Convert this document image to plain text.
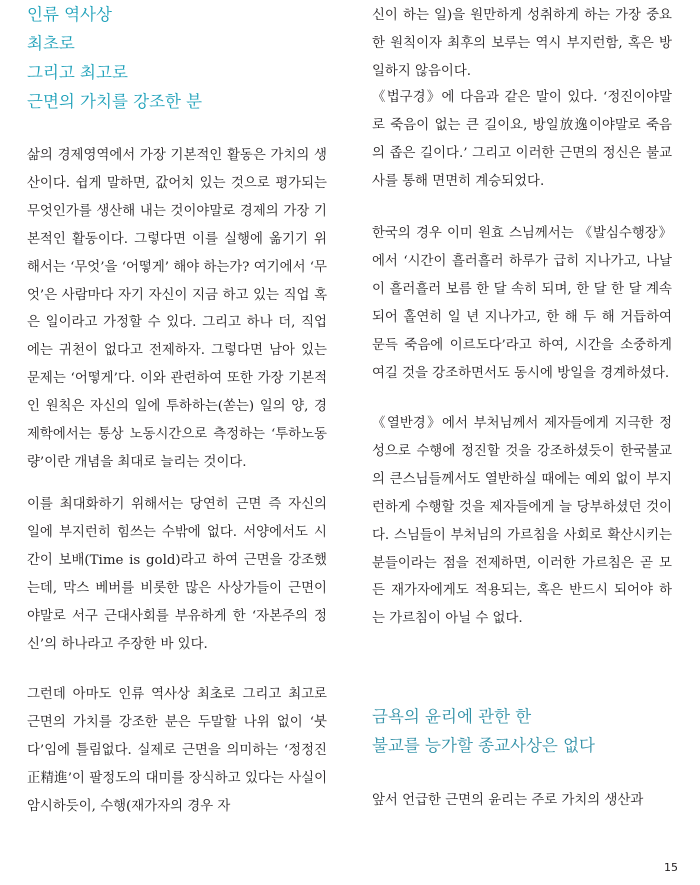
인류 역사상
최초로
그리고 최고로
근면의 가치를 강조한 분

삶의 경제영역에서 가장 기본적인 활동은 가치의 생산이다. 쉽게 말하면, 값어치 있는 것으로 평가되는 무엇인가를 생산해 내는 것이야말로 경제의 가장 기본적인 활동이다. 그렇다면 이를 실행에 옮기기 위해서는 ‘무엇’을 ‘어떻게’ 해야 하는가? 여기에서 ‘무엇’은 사람마다 자기 자신이 지금 하고 있는 직업 혹은 일이라고 가정할 수 있다. 그리고 하나 더, 직업에는 귀천이 없다고 전제하자. 그렇다면 남아 있는 문제는 ‘어떻게’다. 이와 관련하여 또한 가장 기본적인 원칙은 자신의 일에 투하하는(쏟는) 일의 양, 경제학에서는 통상 노동시간으로 측정하는 ‘투하노동량’이란 개념을 최대로 늘리는 것이다.

이를 최대화하기 위해서는 당연히 근면 즉 자신의 일에 부지런히 힘쓰는 수밖에 없다. 서양에서도 시간이 보배(Time is gold)라고 하여 근면을 강조했는데, 막스 베버를 비롯한 많은 사상가들이 근면이야말로 서구 근대사회를 부유하게 한 ‘자본주의 정신’의 하나라고 주장한 바 있다.

그런데 아마도 인류 역사상 최초로 그리고 최고로 근면의 가치를 강조한 분은 두말할 나위 없이 ‘붓다’임에 틀림없다. 실제로 근면을 의미하는 ‘정정진正精進’이 팔정도의 대미를 장식하고 있다는 사실이 암시하듯이, 수행(재가자의 경우 자

신이 하는 일)을 원만하게 성취하게 하는 가장 중요한 원칙이자 최후의 보루는 역시 부지런함, 혹은 방일하지 않음이다.

《법구경》에 다음과 같은 말이 있다. ‘정진이야말로 죽음이 없는 큰 길이요, 방일放逸이야말로 죽음의 좁은 길이다.’ 그리고 이러한 근면의 정신은 불교사를 통해 면면히 계승되었다.

한국의 경우 이미 원효 스님께서는 《발심수행장》에서 ‘시간이 흘러흘러 하루가 급히 지나가고, 나날이 흘러흘러 보름 한 달 속히 되며, 한 달 한 달 계속되어 홀연히 일 년 지나가고, 한 해 두 해 거듭하여 문득 죽음에 이르도다’라고 하여, 시간을 소중하게 여길 것을 강조하면서도 동시에 방일을 경계하셨다.

《열반경》에서 부처님께서 제자들에게 지극한 정성으로 수행에 정진할 것을 강조하셨듯이 한국불교의 큰스님들께서도 열반하실 때에는 예외 없이 부지런하게 수행할 것을 제자들에게 늘 당부하셨던 것이다. 스님들이 부처님의 가르침을 사회로 확산시키는 분들이라는 점을 전제하면, 이러한 가르침은 곧 모든 재가자에게도 적용되는, 혹은 반드시 되어야 하는 가르침이 아닐 수 없다.

금욕의 윤리에 관한 한
불교를 능가할 종교사상은 없다

앞서 언급한 근면의 윤리는 주로 가치의 생산과

15
